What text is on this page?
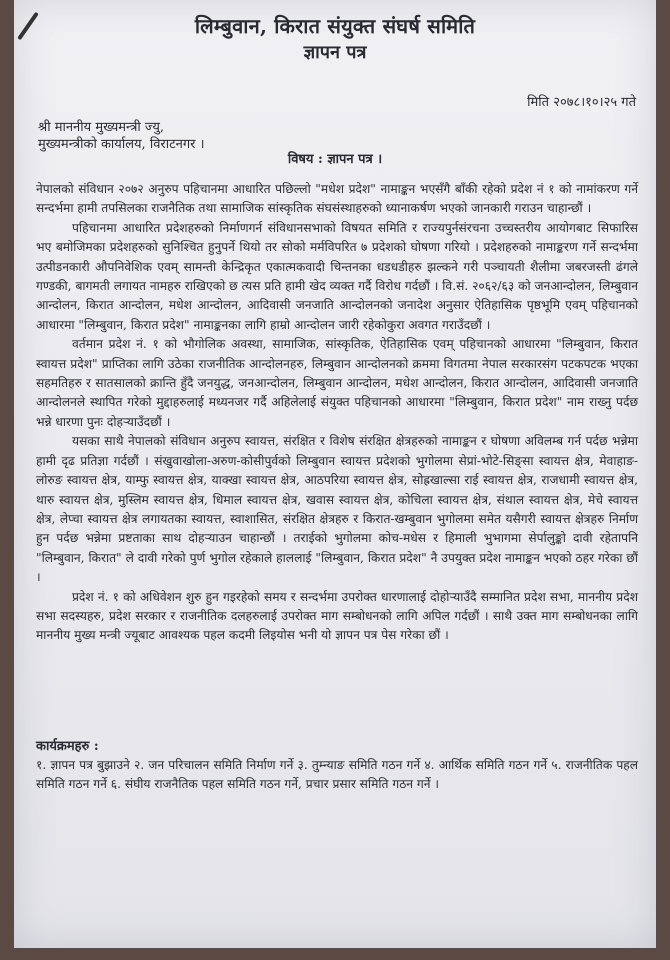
लिम्बुवान, किरात संयुक्त संघर्ष समिति
ज्ञापन पत्र
मिति २०७८।१०।२५ गते
श्री माननीय मुख्यमन्त्री ज्यु,
मुख्यमन्त्रीको कार्यालय, विराटनगर ।
विषय : ज्ञापन पत्र ।

नेपालको संविधान २०७२ अनुरुप पहिचानमा आधारित पछिल्लो "मधेश प्रदेश" नामाङ्कन भएसँगै बाँकी रहेको प्रदेश नं १ को नामांकरण गर्ने सन्दर्भमा हामी तपसिलका राजनैतिक तथा सामाजिक सांस्कृतिक संघसंस्थाहरुको ध्यानाकर्षण भएको जानकारी गराउन चाहान्छौं ।

पहिचानमा आधारित प्रदेशहरुको निर्माणगर्न संविधानसभाको विषयत समिति र राज्यपुर्नसंरचना उच्चस्तरीय आयोगबाट सिफारिस भए बमोजिमका प्रदेशहरुको सुनिश्चित हुनुपर्ने थियो तर सोको मर्मविपरित ७ प्रदेशको घोषणा गरियो । प्रदेशहरुको नामाङ्करण गर्ने सन्दर्भमा उत्पीडनकारी औपनिवेशिक एवम् सामन्ती केन्द्रिकृत एकात्मकवादी चिन्तनका धडधडीहरु झल्कने गरी पञ्चायती शैलीमा जबरजस्ती ढंगले गण्डकी, बागमती लगायत नामहरु राखिएको छ त्यस प्रति हामी खेद व्यक्त गर्दै विरोध गर्दछौं । वि.सं. २०६२/६३ को जनआन्दोलन, लिम्बुवान आन्दोलन, किरात आन्दोलन, मधेश आन्दोलन, आदिवासी जनजाति आन्दोलनको जनादेश अनुसार ऐतिहासिक पृष्ठभूमि एवम् पहिचानको आधारमा "लिम्बुवान, किरात प्रदेश" नामाङ्कनका लागि हाम्रो आन्दोलन जारी रहेकोकुरा अवगत गराउँदछौं ।

वर्तमान प्रदेश नं. १ को भौगोलिक अवस्था, सामाजिक, सांस्कृतिक, ऐतिहासिक एवम् पहिचानको आधारमा "लिम्बुवान, किरात स्वायत्त प्रदेश" प्राप्तिका लागि उठेका राजनीतिक आन्दोलनहरु, लिम्बुवान आन्दोलनको क्रममा विगतमा नेपाल सरकारसंग पटकपटक भएका सहमतिहरु र सातसालको क्रान्ति हुँदै जनयुद्ध, जनआन्दोलन, लिम्बुवान आन्दोलन, मधेश आन्दोलन, किरात आन्दोलन, आदिवासी जनजाति आन्दोलनले स्थापित गरेको मुद्दाहरुलाई मध्यनजर गर्दै अहिलेलाई संयुक्त पहिचानको आधारमा "लिम्बुवान, किरात प्रदेश" नाम राख्नु पर्दछ भन्ने धारणा पुनः दोहऱ्याउँदछौं ।

यसका साथै नेपालको संविधान अनुरुप स्वायत्त, संरक्षित र विशेष संरक्षित क्षेत्रहरुको नामाङ्कन र घोषणा अविलम्ब गर्न पर्दछ भन्नेमा हामी दृढ प्रतिज्ञा गर्दछौं । संखुवाखोला-अरुण-कोसीपुर्वको लिम्बुवान स्वायत्त प्रदेशको भुगोलमा सेप्रां-भोटे-सिङ्सा स्वायत्त क्षेत्र, मेवाहाङ-लोरुङ स्वायत्त क्षेत्र, याम्फु स्वायत्त क्षेत्र, याक्खा स्वायत्त क्षेत्र, आठपरिया स्वायत्त क्षेत्र, सोह्रखाल्सा राई स्वायत्त क्षेत्र, राजधामी स्वायत्त क्षेत्र, थारु स्वायत्त क्षेत्र, मुस्लिम स्वायत्त क्षेत्र, धिमाल स्वायत्त क्षेत्र, खवास स्वायत्त क्षेत्र, कोचिला स्वायत्त क्षेत्र, संथाल स्वायत्त क्षेत्र, मेचे स्वायत्त क्षेत्र, लेप्चा स्वायत्त क्षेत्र लगायतका स्वायत्त, स्वाशासित, संरक्षित क्षेत्रहरु र किरात-खम्बुवान भुगोलमा समेत यसैगरी स्वायत्त क्षेत्रहरु निर्माण हुन पर्दछ भन्नेमा प्रष्टताका साथ दोहऱ्याउन चाहान्छौं । तराईको भुगोलमा कोच-मधेस र हिमाली भुभागमा सेर्पालुङ्को दावी रहेतापनि "लिम्बुवान, किरात" ले दावी गरेको पुर्ण भुगोल रहेकाले हाललाई "लिम्बुवान, किरात प्रदेश" नै उपयुक्त प्रदेश नामाङ्कन भएको ठहर गरेका छौं ।

प्रदेश नं. १ को अधिवेशन शुरु हुन गइरहेको समय र सन्दर्भमा उपरोक्त धारणालाई दोहोऱ्याउँदै सम्मानित प्रदेश सभा, माननीय प्रदेश सभा सदस्यहरु, प्रदेश सरकार र राजनीतिक दलहरुलाई उपरोक्त माग सम्बोधनको लागि अपिल गर्दछौं । साथै उक्त माग सम्बोधनका लागि माननीय मुख्य मन्त्री ज्यूबाट आवश्यक पहल कदमी लिइयोस भनी यो ज्ञापन पत्र पेस गरेका छौं ।

कार्यक्रमहरु :
१. ज्ञापन पत्र बुझाउने २. जन परिचालन समिति निर्माण गर्ने ३. तुम्न्याङ समिति गठन गर्ने ४. आर्थिक समिति गठन गर्ने ५. राजनीतिक पहल समिति गठन गर्ने ६. संघीय राजनैतिक पहल समिति गठन गर्ने, प्रचार प्रसार समिति गठन गर्ने ।
